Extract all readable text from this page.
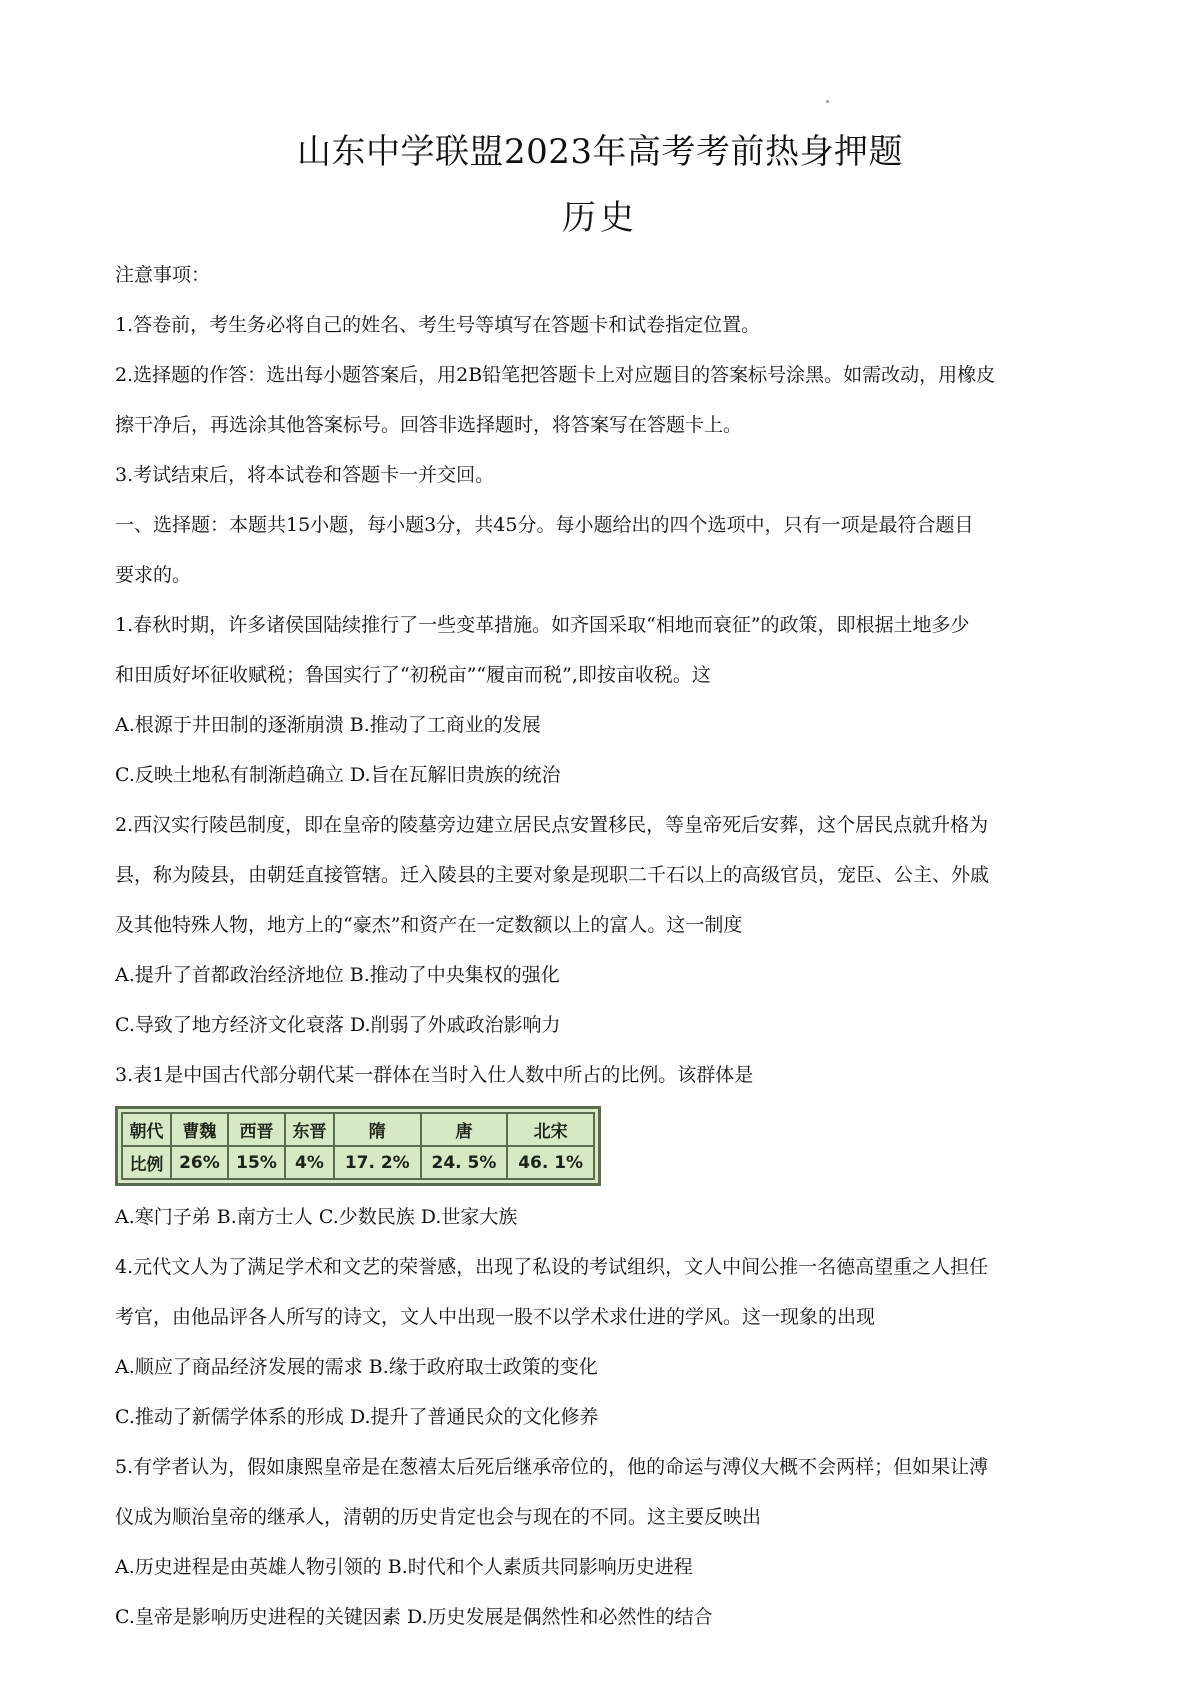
山东中学联盟2023年高考考前热身押题
历史
注意事项：
1.答卷前，考生务必将自己的姓名、考生号等填写在答题卡和试卷指定位置。
2.选择题的作答：选出每小题答案后，用2B铅笔把答题卡上对应题目的答案标号涂黑。如需改动，用橡皮
擦干净后，再选涂其他答案标号。回答非选择题时，将答案写在答题卡上。
3.考试结束后，将本试卷和答题卡一并交回。
一、选择题：本题共15小题，每小题3分，共45分。每小题给出的四个选项中，只有一项是最符合题目
要求的。
1.春秋时期，许多诸侯国陆续推行了一些变革措施。如齐国采取“相地而衰征”的政策，即根据土地多少
和田质好坏征收赋税；鲁国实行了“初税亩”“履亩而税”,即按亩收税。这
A.根源于井田制的逐渐崩溃 B.推动了工商业的发展
C.反映土地私有制渐趋确立 D.旨在瓦解旧贵族的统治
2.西汉实行陵邑制度，即在皇帝的陵墓旁边建立居民点安置移民，等皇帝死后安葬，这个居民点就升格为
县，称为陵县，由朝廷直接管辖。迁入陵县的主要对象是现职二千石以上的高级官员，宠臣、公主、外戚
及其他特殊人物，地方上的“豪杰”和资产在一定数额以上的富人。这一制度
A.提升了首都政治经济地位 B.推动了中央集权的强化
C.导致了地方经济文化衰落 D.削弱了外戚政治影响力
3.表1是中国古代部分朝代某一群体在当时入仕人数中所占的比例。该群体是
朝代	曹魏	西晋	东晋	隋	唐	北宋
比例	26%	15%	4%	17. 2%	24. 5%	46. 1%
A.寒门子弟 B.南方士人 C.少数民族 D.世家大族
4.元代文人为了满足学术和文艺的荣誉感，出现了私设的考试组织，文人中间公推一名德高望重之人担任
考官，由他品评各人所写的诗文，文人中出现一股不以学术求仕进的学风。这一现象的出现
A.顺应了商品经济发展的需求 B.缘于政府取士政策的变化
C.推动了新儒学体系的形成 D.提升了普通民众的文化修养
5.有学者认为，假如康熙皇帝是在葱禧太后死后继承帝位的，他的命运与溥仪大概不会两样；但如果让溥
仪成为顺治皇帝的继承人，清朝的历史肯定也会与现在的不同。这主要反映出
A.历史进程是由英雄人物引领的 B.时代和个人素质共同影响历史进程
C.皇帝是影响历史进程的关键因素 D.历史发展是偶然性和必然性的结合
